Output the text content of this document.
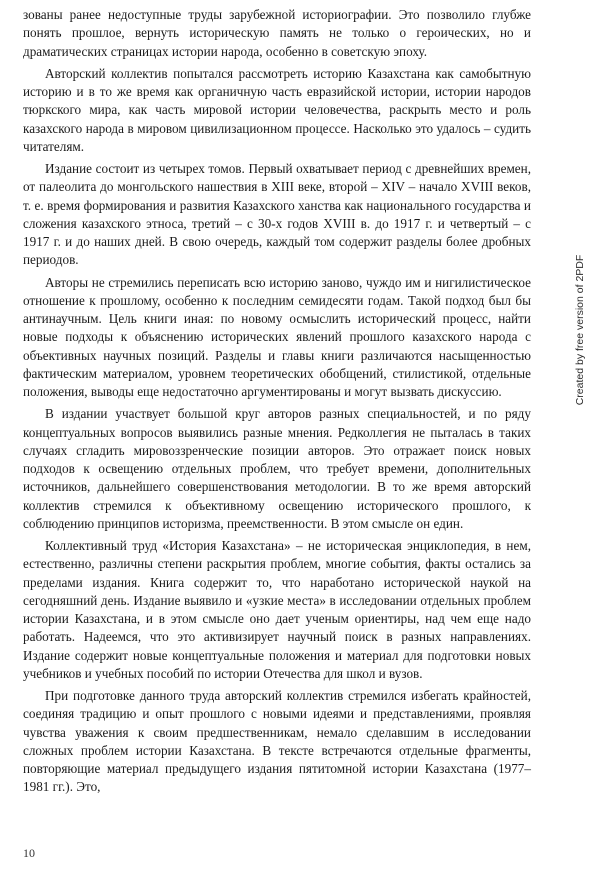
зованы ранее недоступные труды зарубежной историографии. Это позволило глубже понять прошлое, вернуть историческую память не только о героических, но и драматических страницах истории народа, особенно в советскую эпоху.

Авторский коллектив попытался рассмотреть историю Казахстана как самобытную историю и в то же время как органичную часть евразийской истории, истории народов тюркского мира, как часть мировой истории человечества, раскрыть место и роль казахского народа в мировом цивилизационном процессе. Насколько это удалось – судить читателям.

Издание состоит из четырех томов. Первый охватывает период с древнейших времен, от палеолита до монгольского нашествия в XIII веке, второй – XIV – начало XVIII веков, т. е. время формирования и развития Казахского ханства как национального государства и сложения казахского этноса, третий – с 30-х годов XVIII в. до 1917 г. и четвертый – с 1917 г. и до наших дней. В свою очередь, каждый том содержит разделы более дробных периодов.

Авторы не стремились переписать всю историю заново, чуждо им и нигилистическое отношение к прошлому, особенно к последним семидесяти годам. Такой подход был бы антинаучным. Цель книги иная: по новому осмыслить исторический процесс, найти новые подходы к объяснению исторических явлений прошлого казахского народа с объективных научных позиций. Разделы и главы книги различаются насыщенностью фактическим материалом, уровнем теоретических обобщений, стилистикой, отдельные положения, выводы еще недостаточно аргументированы и могут вызвать дискуссию.

В издании участвует большой круг авторов разных специальностей, и по ряду концептуальных вопросов выявились разные мнения. Редколлегия не пыталась в таких случаях сгладить мировоззренческие позиции авторов. Это отражает поиск новых подходов к освещению отдельных проблем, что требует времени, дополнительных источников, дальнейшего совершенствования методологии. В то же время авторский коллектив стремился к объективному освещению исторического прошлого, к соблюдению принципов историзма, преемственности. В этом смысле он един.

Коллективный труд «История Казахстана» – не историческая энциклопедия, в нем, естественно, различны степени раскрытия проблем, многие события, факты остались за пределами издания. Книга содержит то, что наработано исторической наукой на сегодняшний день. Издание выявило и «узкие места» в исследовании отдельных проблем истории Казахстана, и в этом смысле оно дает ученым ориентиры, над чем еще надо работать. Надеемся, что это активизирует научный поиск в разных направлениях. Издание содержит новые концептуальные положения и материал для подготовки новых учебников и учебных пособий по истории Отечества для школ и вузов.

При подготовке данного труда авторский коллектив стремился избегать крайностей, соединяя традицию и опыт прошлого с новыми идеями и представлениями, проявляя чувства уважения к своим предшественникам, немало сделавшим в исследовании сложных проблем истории Казахстана. В тексте встречаются отдельные фрагменты, повторяющие материал предыдущего издания пятитомной истории Казахстана (1977–1981 гг.). Это,

10
Created by free version of 2PDF
